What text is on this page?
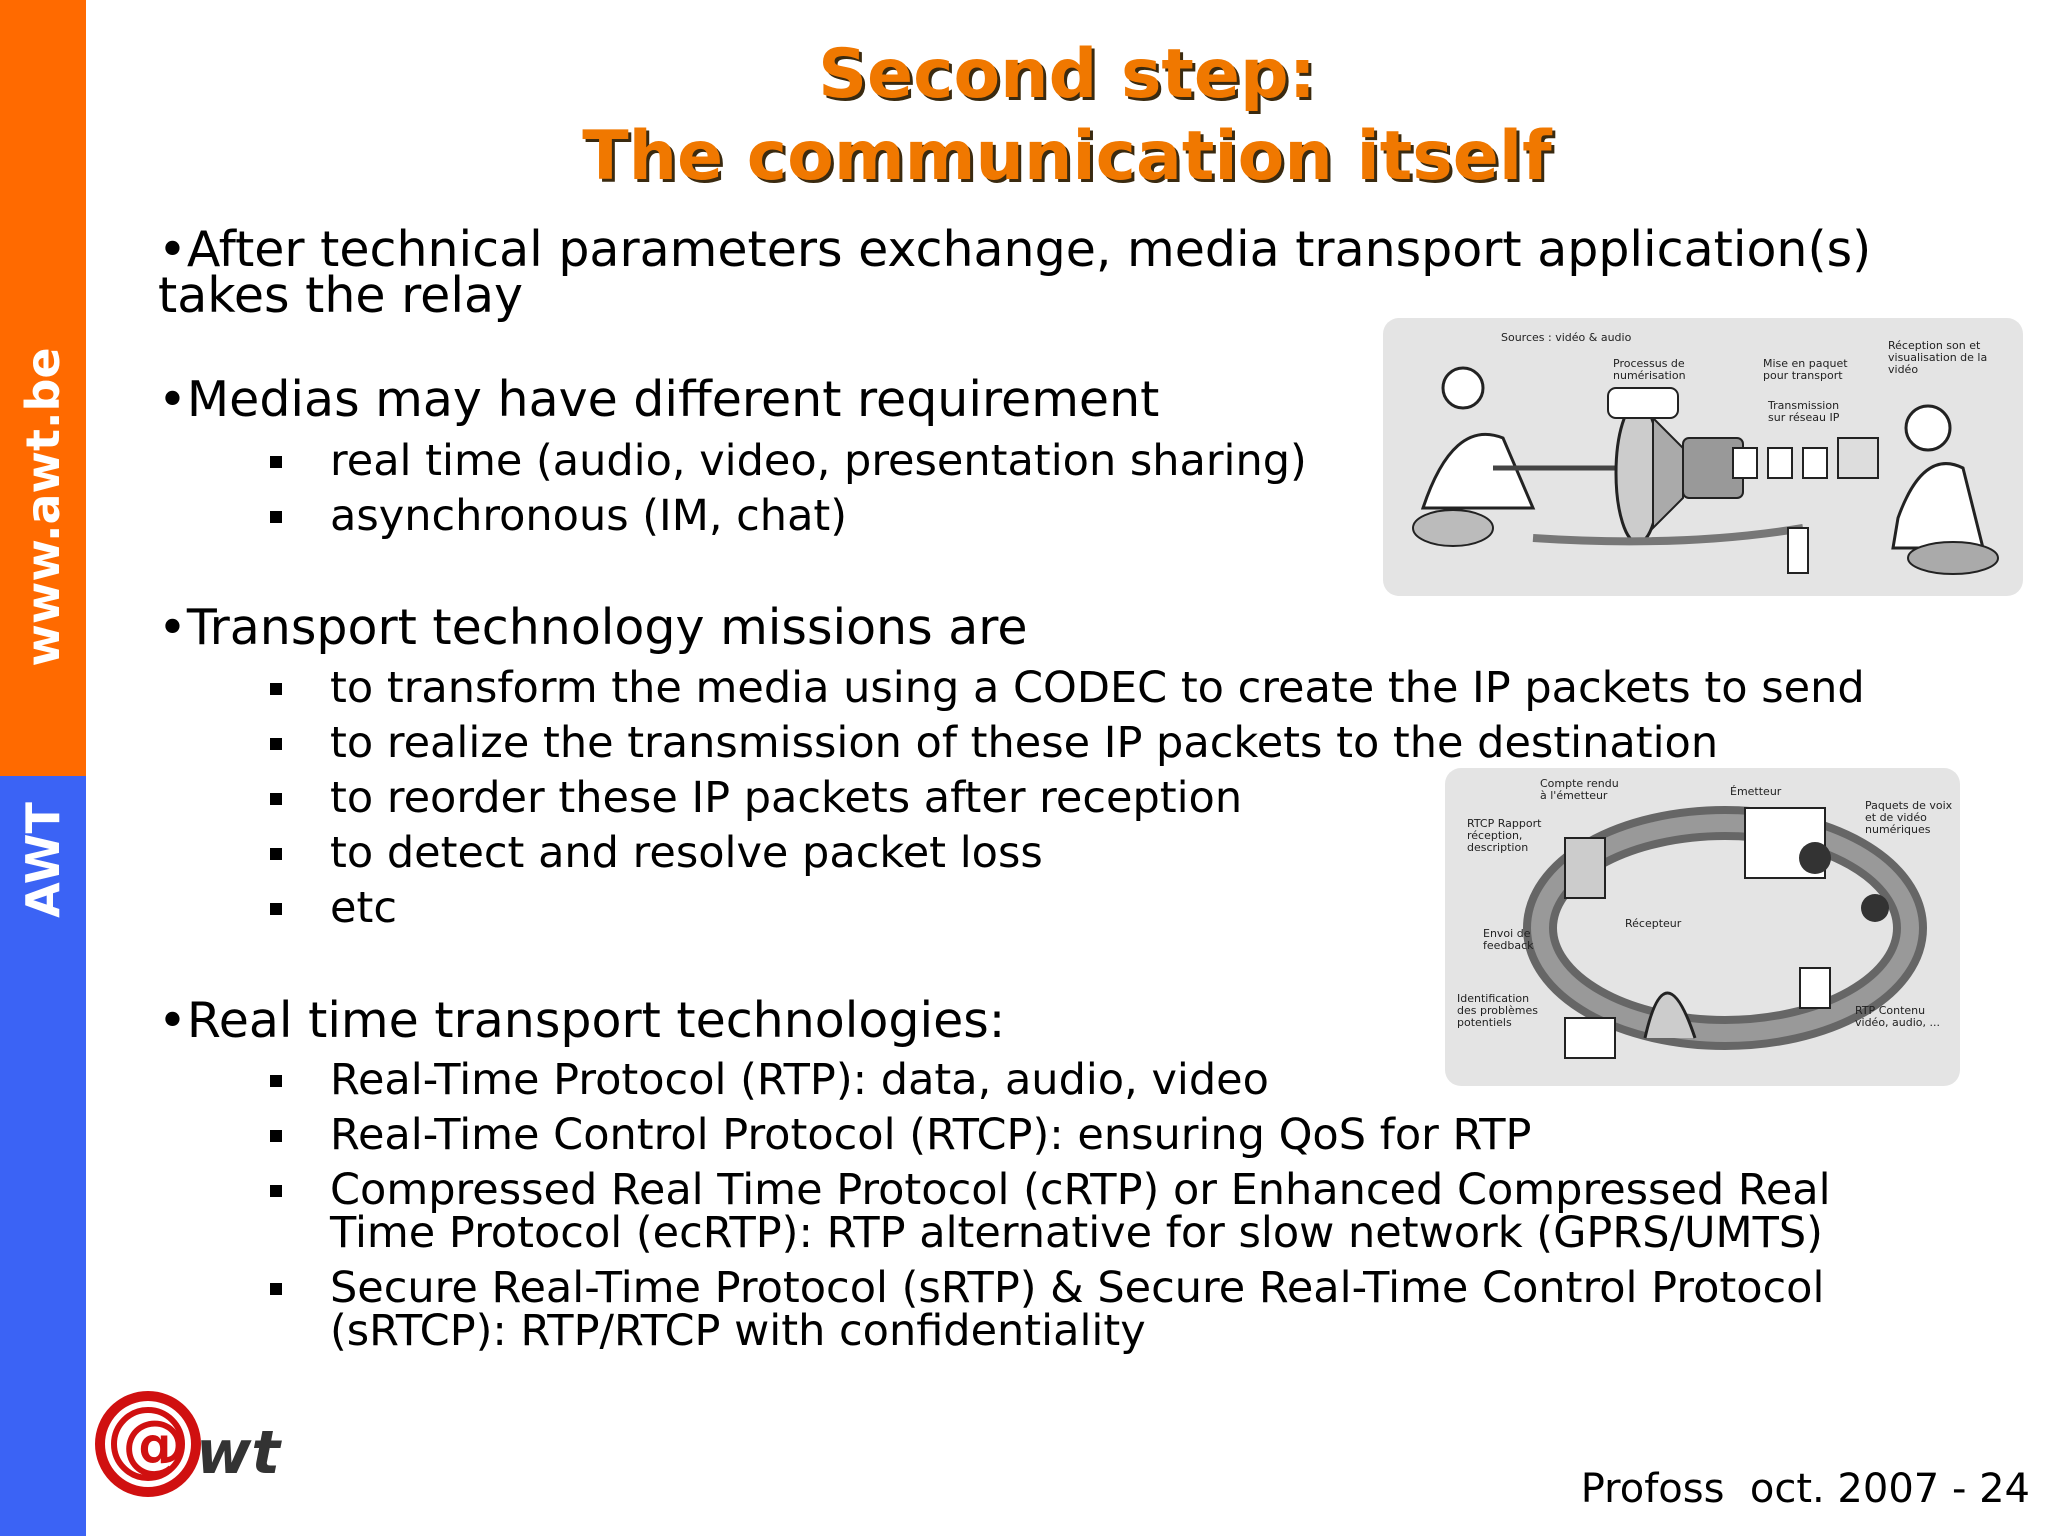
www.awt.be
AWT
Second step:
The communication itself
•After technical parameters exchange, media transport application(s)
takes the relay
•Medias may have different requirement
real time (audio, video, presentation sharing)
asynchronous (IM, chat)
•Transport technology missions are
to transform the media using a CODEC to create the IP packets to send
to realize the transmission of these IP packets to the destination
to reorder these IP packets after reception
to detect and resolve packet loss
etc
•Real time transport technologies:
Real-Time Protocol (RTP): data, audio, video
Real-Time Control Protocol (RTCP): ensuring QoS for RTP
Compressed Real Time Protocol (cRTP) or Enhanced Compressed Real
Time Protocol (ecRTP): RTP alternative for slow network (GPRS/UMTS)
Secure Real-Time Protocol (sRTP) & Secure Real-Time Control Protocol
(sRTCP): RTP/RTCP with confidentiality
Sources : vidéo & audio
Processus de numérisation
Mise en paquet pour transport
Transmission sur réseau IP
Réception son et visualisation de la vidéo
Compte rendu à l'émetteur	Émetteur
Paquets de voix et de vidéo numériques
RTCP Rapport réception, description
Récepteur
Envoi de feedback
Identification des problèmes potentiels
RTP Contenu vidéo, audio, ...
@ wt
Profoss  oct. 2007 - 24
